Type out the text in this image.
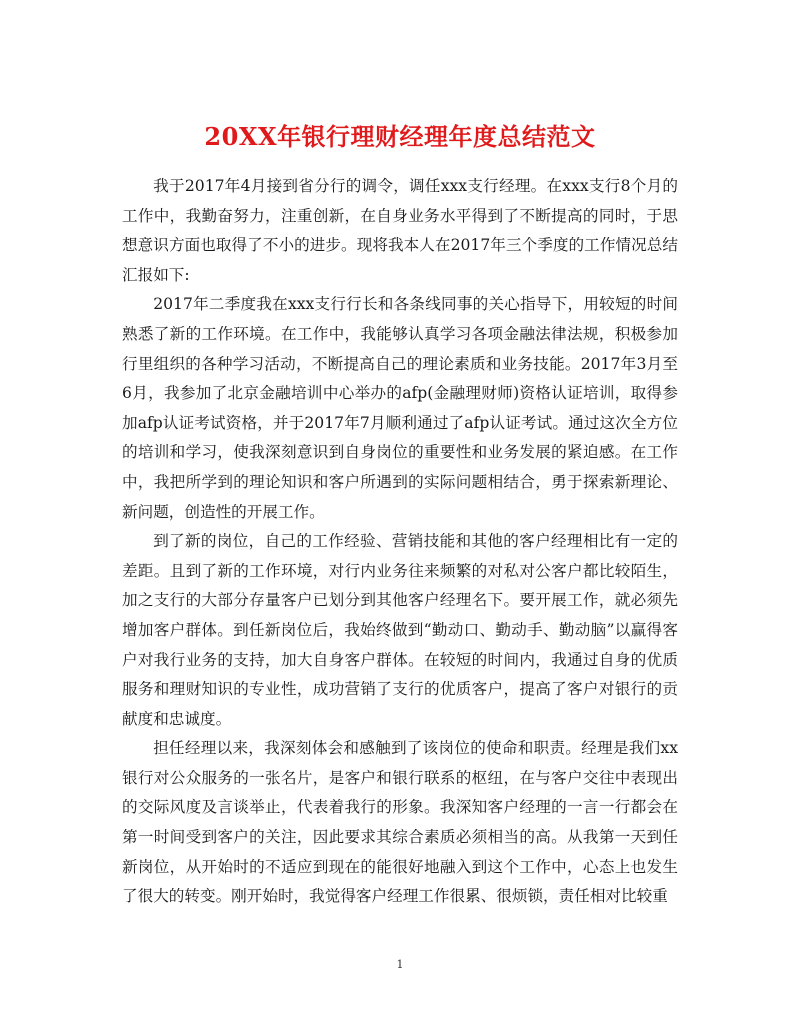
20XX年银行理财经理年度总结范文

我于2017年4月接到省分行的调令，调任xxx支行经理。在xxx支行8个月的工作中，我勤奋努力，注重创新，在自身业务水平得到了不断提高的同时，于思想意识方面也取得了不小的进步。现将我本人在2017年三个季度的工作情况总结汇报如下:

2017年二季度我在xxx支行行长和各条线同事的关心指导下，用较短的时间熟悉了新的工作环境。在工作中，我能够认真学习各项金融法律法规，积极参加行里组织的各种学习活动，不断提高自己的理论素质和业务技能。2017年3月至6月，我参加了北京金融培训中心举办的afp(金融理财师)资格认证培训，取得参加afp认证考试资格，并于2017年7月顺利通过了afp认证考试。通过这次全方位的培训和学习，使我深刻意识到自身岗位的重要性和业务发展的紧迫感。在工作中，我把所学到的理论知识和客户所遇到的实际问题相结合，勇于探索新理论、新问题，创造性的开展工作。

到了新的岗位，自己的工作经验、营销技能和其他的客户经理相比有一定的差距。且到了新的工作环境，对行内业务往来频繁的对私对公客户都比较陌生，加之支行的大部分存量客户已划分到其他客户经理名下。要开展工作，就必须先增加客户群体。到任新岗位后，我始终做到“勤动口、勤动手、勤动脑”以赢得客户对我行业务的支持，加大自身客户群体。在较短的时间内，我通过自身的优质服务和理财知识的专业性，成功营销了支行的优质客户，提高了客户对银行的贡献度和忠诚度。

担任经理以来，我深刻体会和感触到了该岗位的使命和职责。经理是我们xx银行对公众服务的一张名片，是客户和银行联系的枢纽，在与客户交往中表现出的交际风度及言谈举止，代表着我行的形象。我深知客户经理的一言一行都会在第一时间受到客户的关注，因此要求其综合素质必须相当的高。从我第一天到任新岗位，从开始时的不适应到现在的能很好地融入到这个工作中，心态上也发生了很大的转变。刚开始时，我觉得客户经理工作很累、很烦锁，责任相对比较重

1
